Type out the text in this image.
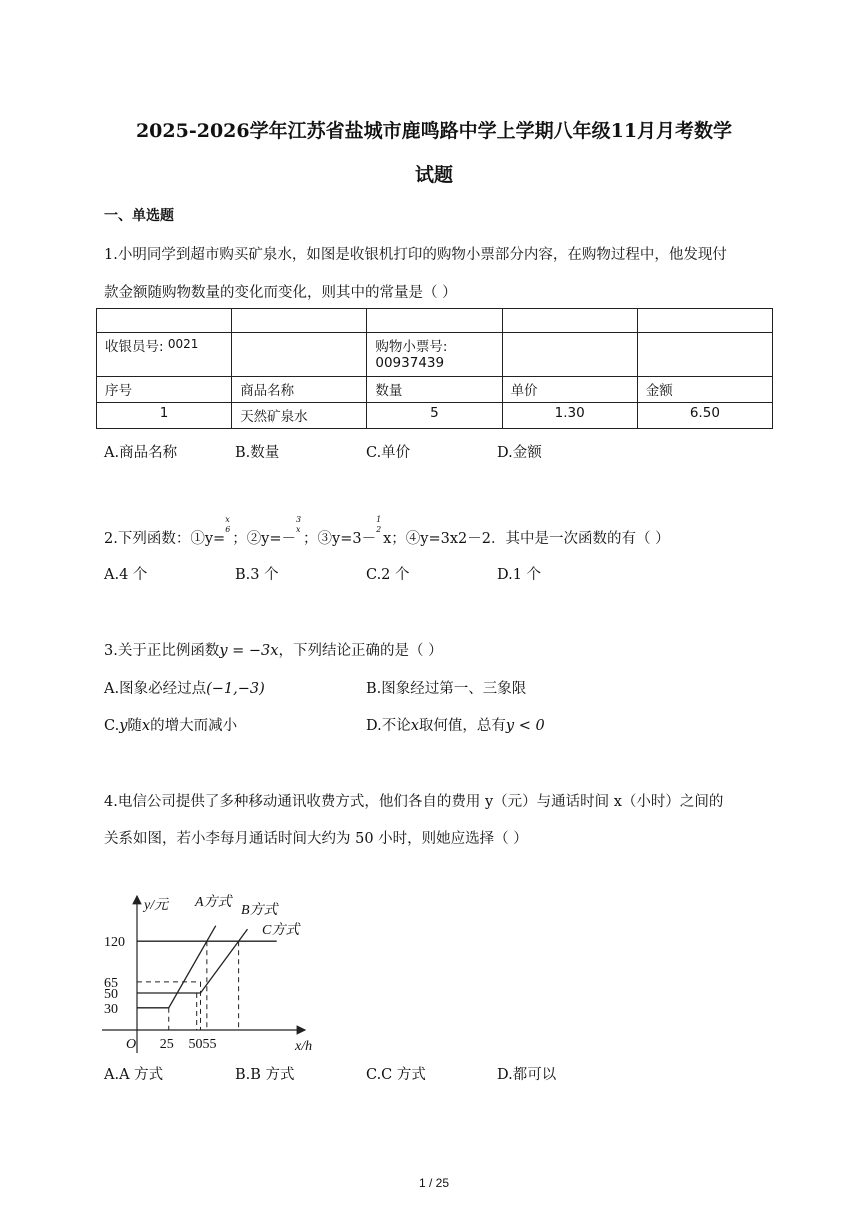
2025-2026学年江苏省盐城市鹿鸣路中学上学期八年级11月月考数学
试题
一、单选题
1.小明同学到超市购买矿泉水，如图是收银机打印的购物小票部分内容，在购物过程中，他发现付
款金额随购物数量的变化而变化，则其中的常量是（ ）

收银员号: 0021		购物小票号:
00937439		

序号	商品名称	数量	单价	金额
1	天然矿泉水	5	1.30	6.50
A.商品名称	B.数量	C.单价	D.金额
2.下列函数：①y=
x
6
；②y=－
3
x
；③y=3－
1
2
x；④y=3x2－2．其中是一次函数的有（ ）
A.4 个	B.3 个	C.2 个	D.1 个
3.关于正比例函数y = −3x，下列结论正确的是（ ）
A.图象必经过点(−1,−3)	B.图象经过第一、三象限
C.y随x的增大而减小	D.不论x取何值，总有y < 0
4.电信公司提供了多种移动通讯收费方式，他们各自的费用 y（元）与通话时间 x（小时）之间的
关系如图，若小李每月通话时间大约为 50 小时，则她应选择（ ）
y/元
x/h
O
120
65
50
30
25 5055
A方式
B方式
C方式
A.A 方式	B.B 方式	C.C 方式	D.都可以
1 / 25
